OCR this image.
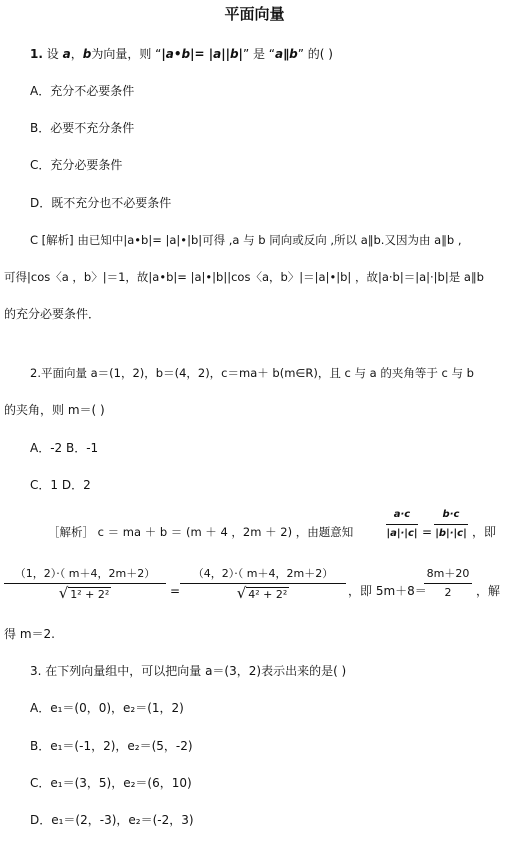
平面向量
1. 设 a，b为向量，则 “|a•b|= |a||b|” 是 “a∥b” 的( )
A．充分不必要条件
B．必要不充分条件
C．充分必要条件
D．既不充分也不必要条件
C [解析] 由已知中|a•b|= |a|•|b|可得 ,a 与 b 同向或反向 ,所以 a∥b.又因为由 a∥b ,
可得|cos〈a ，b〉|＝1，故|a•b|= |a|•|b||cos〈a，b〉|＝|a|•|b| ，故|a·b|＝|a|·|b|是 a∥b
的充分必要条件．
2.平面向量 a＝(1，2)，b＝(4，2)，c＝ma＋ b(m∈R)，且 c 与 a 的夹角等于 c 与 b
的夹角，则 m＝( )
A．-2 B．-1
C．1 D．2
［解析］ c ＝ ma ＋ b ＝ (m ＋ 4 ，2m ＋ 2) ，由题意知
a·c
|a|·|c| =
b·c
|b|·|c| ，即
（1，2）·（ m＋4，2m＋2）
√ 1² + 2²	=
（4，2）·（ m＋4，2m＋2）
√ 4² + 2²	，即 5m＋8＝
8m＋20
2	，解
得 m＝2.
3. 在下列向量组中，可以把向量 a＝(3，2)表示出来的是( )
A．e₁＝(0，0)，e₂＝(1，2)
B．e₁＝(-1，2)，e₂＝(5，-2)
C．e₁＝(3，5)，e₂＝(6，10)
D．e₁＝(2，-3)，e₂＝(-2，3)
